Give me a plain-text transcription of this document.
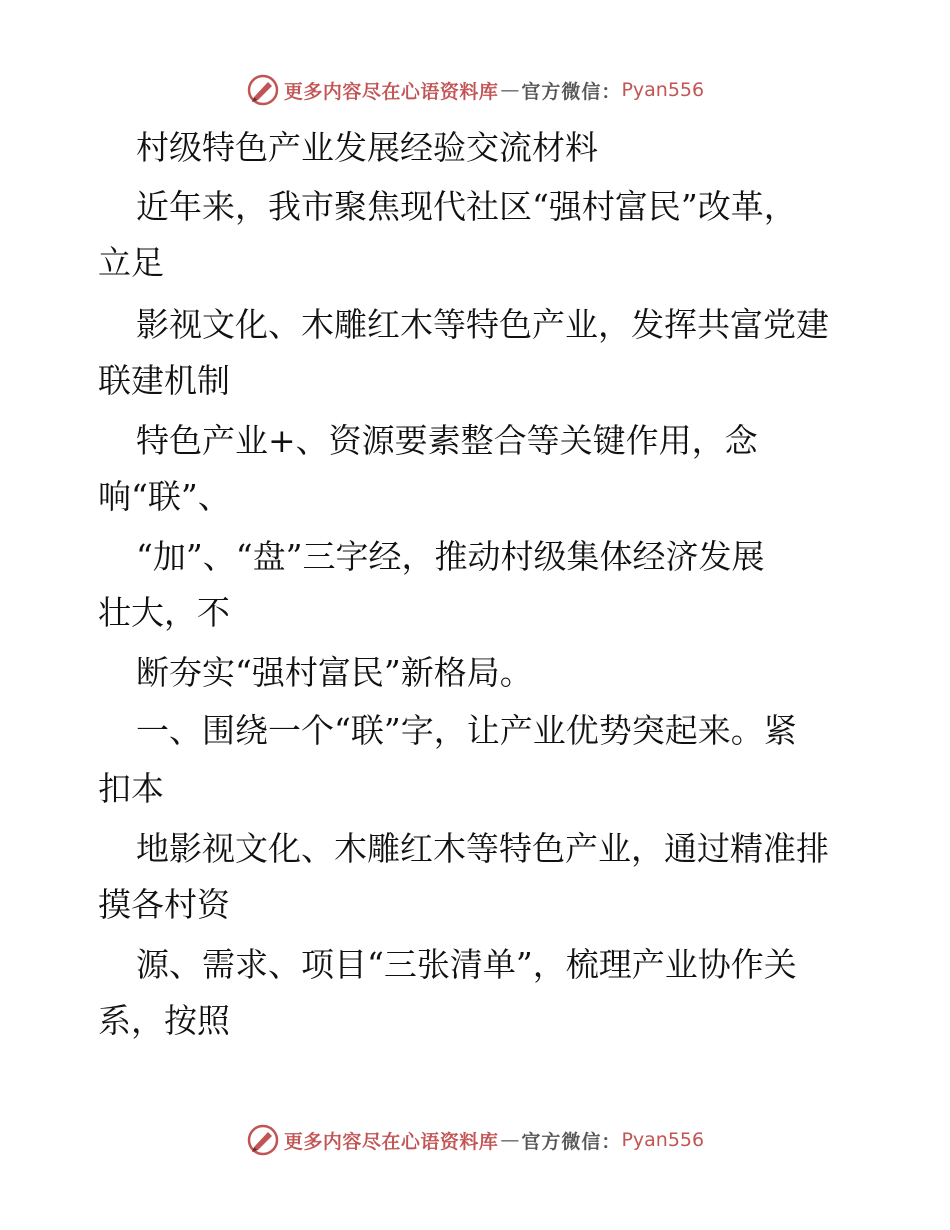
更多内容尽在心语资料库 — 官方微信： Pyan556
村级特色产业发展经验交流材料
近年来，我市聚焦现代社区“强村富民”改革，
立足
影视文化、木雕红木等特色产业，发挥共富党建
联建机制
特色产业+、资源要素整合等关键作用，念
响“联”、
“加”、“盘”三字经，推动村级集体经济发展
壮大，不
断夯实“强村富民”新格局。
一、围绕一个“联”字，让产业优势突起来。紧
扣本
地影视文化、木雕红木等特色产业，通过精准排
摸各村资
源、需求、项目“三张清单”，梳理产业协作关
系，按照
更多内容尽在心语资料库 — 官方微信： Pyan556
